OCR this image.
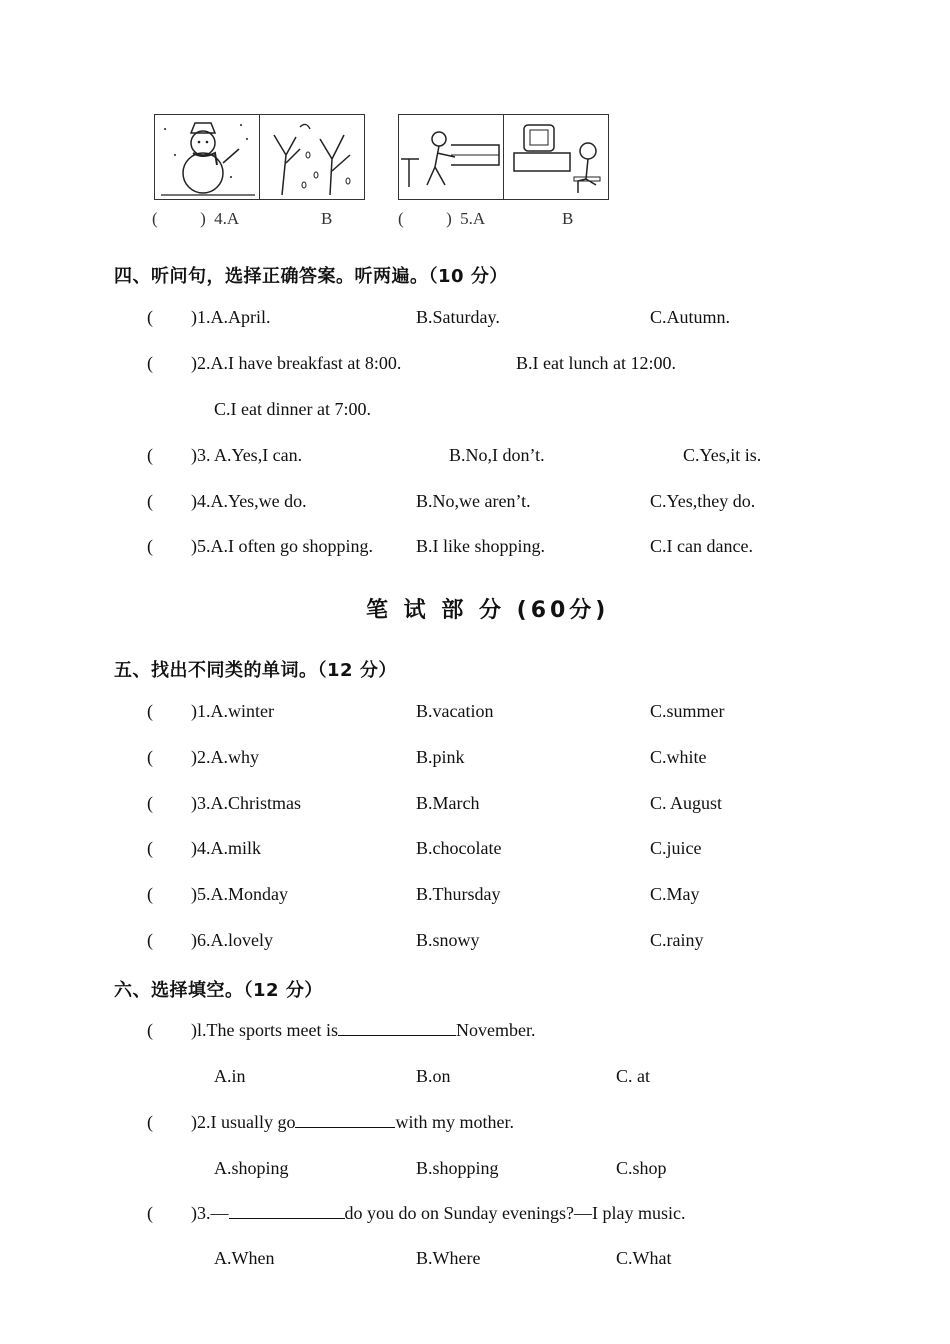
(	) 4.A	B	(	) 5.A	B
四、听问句，选择正确答案。听两遍。（10 分）
( )1.A.April.	B.Saturday.	C.Autumn.
( )2.A.I have breakfast at 8:00.	B.I eat lunch at 12:00.
C.I eat dinner at 7:00.
( )3. A.Yes,I can.	B.No,I don’t.	C.Yes,it is.
( )4.A.Yes,we do.	B.No,we aren’t.	C.Yes,they do.
( )5.A.I often go shopping. B.I like shopping.	C.I can dance.
笔 试 部 分 (60分)
五、找出不同类的单词。（12 分）
( )1.A.winter	B.vacation	C.summer
( )2.A.why	B.pink	C.white
( )3.A.Christmas	B.March	C. August
( )4.A.milk	B.chocolate	C.juice
( )5.A.Monday	B.Thursday	C.May
( )6.A.lovely	B.snowy	C.rainy
六、选择填空。（12 分）
( )l.The sports meet is	November.
A.in	B.on	C. at
( )2.I usually go	with my mother.
A.shoping	B.shopping	C.shop
( )3.—	do you do on Sunday evenings?—I play music.
A.When	B.Where	C.What
